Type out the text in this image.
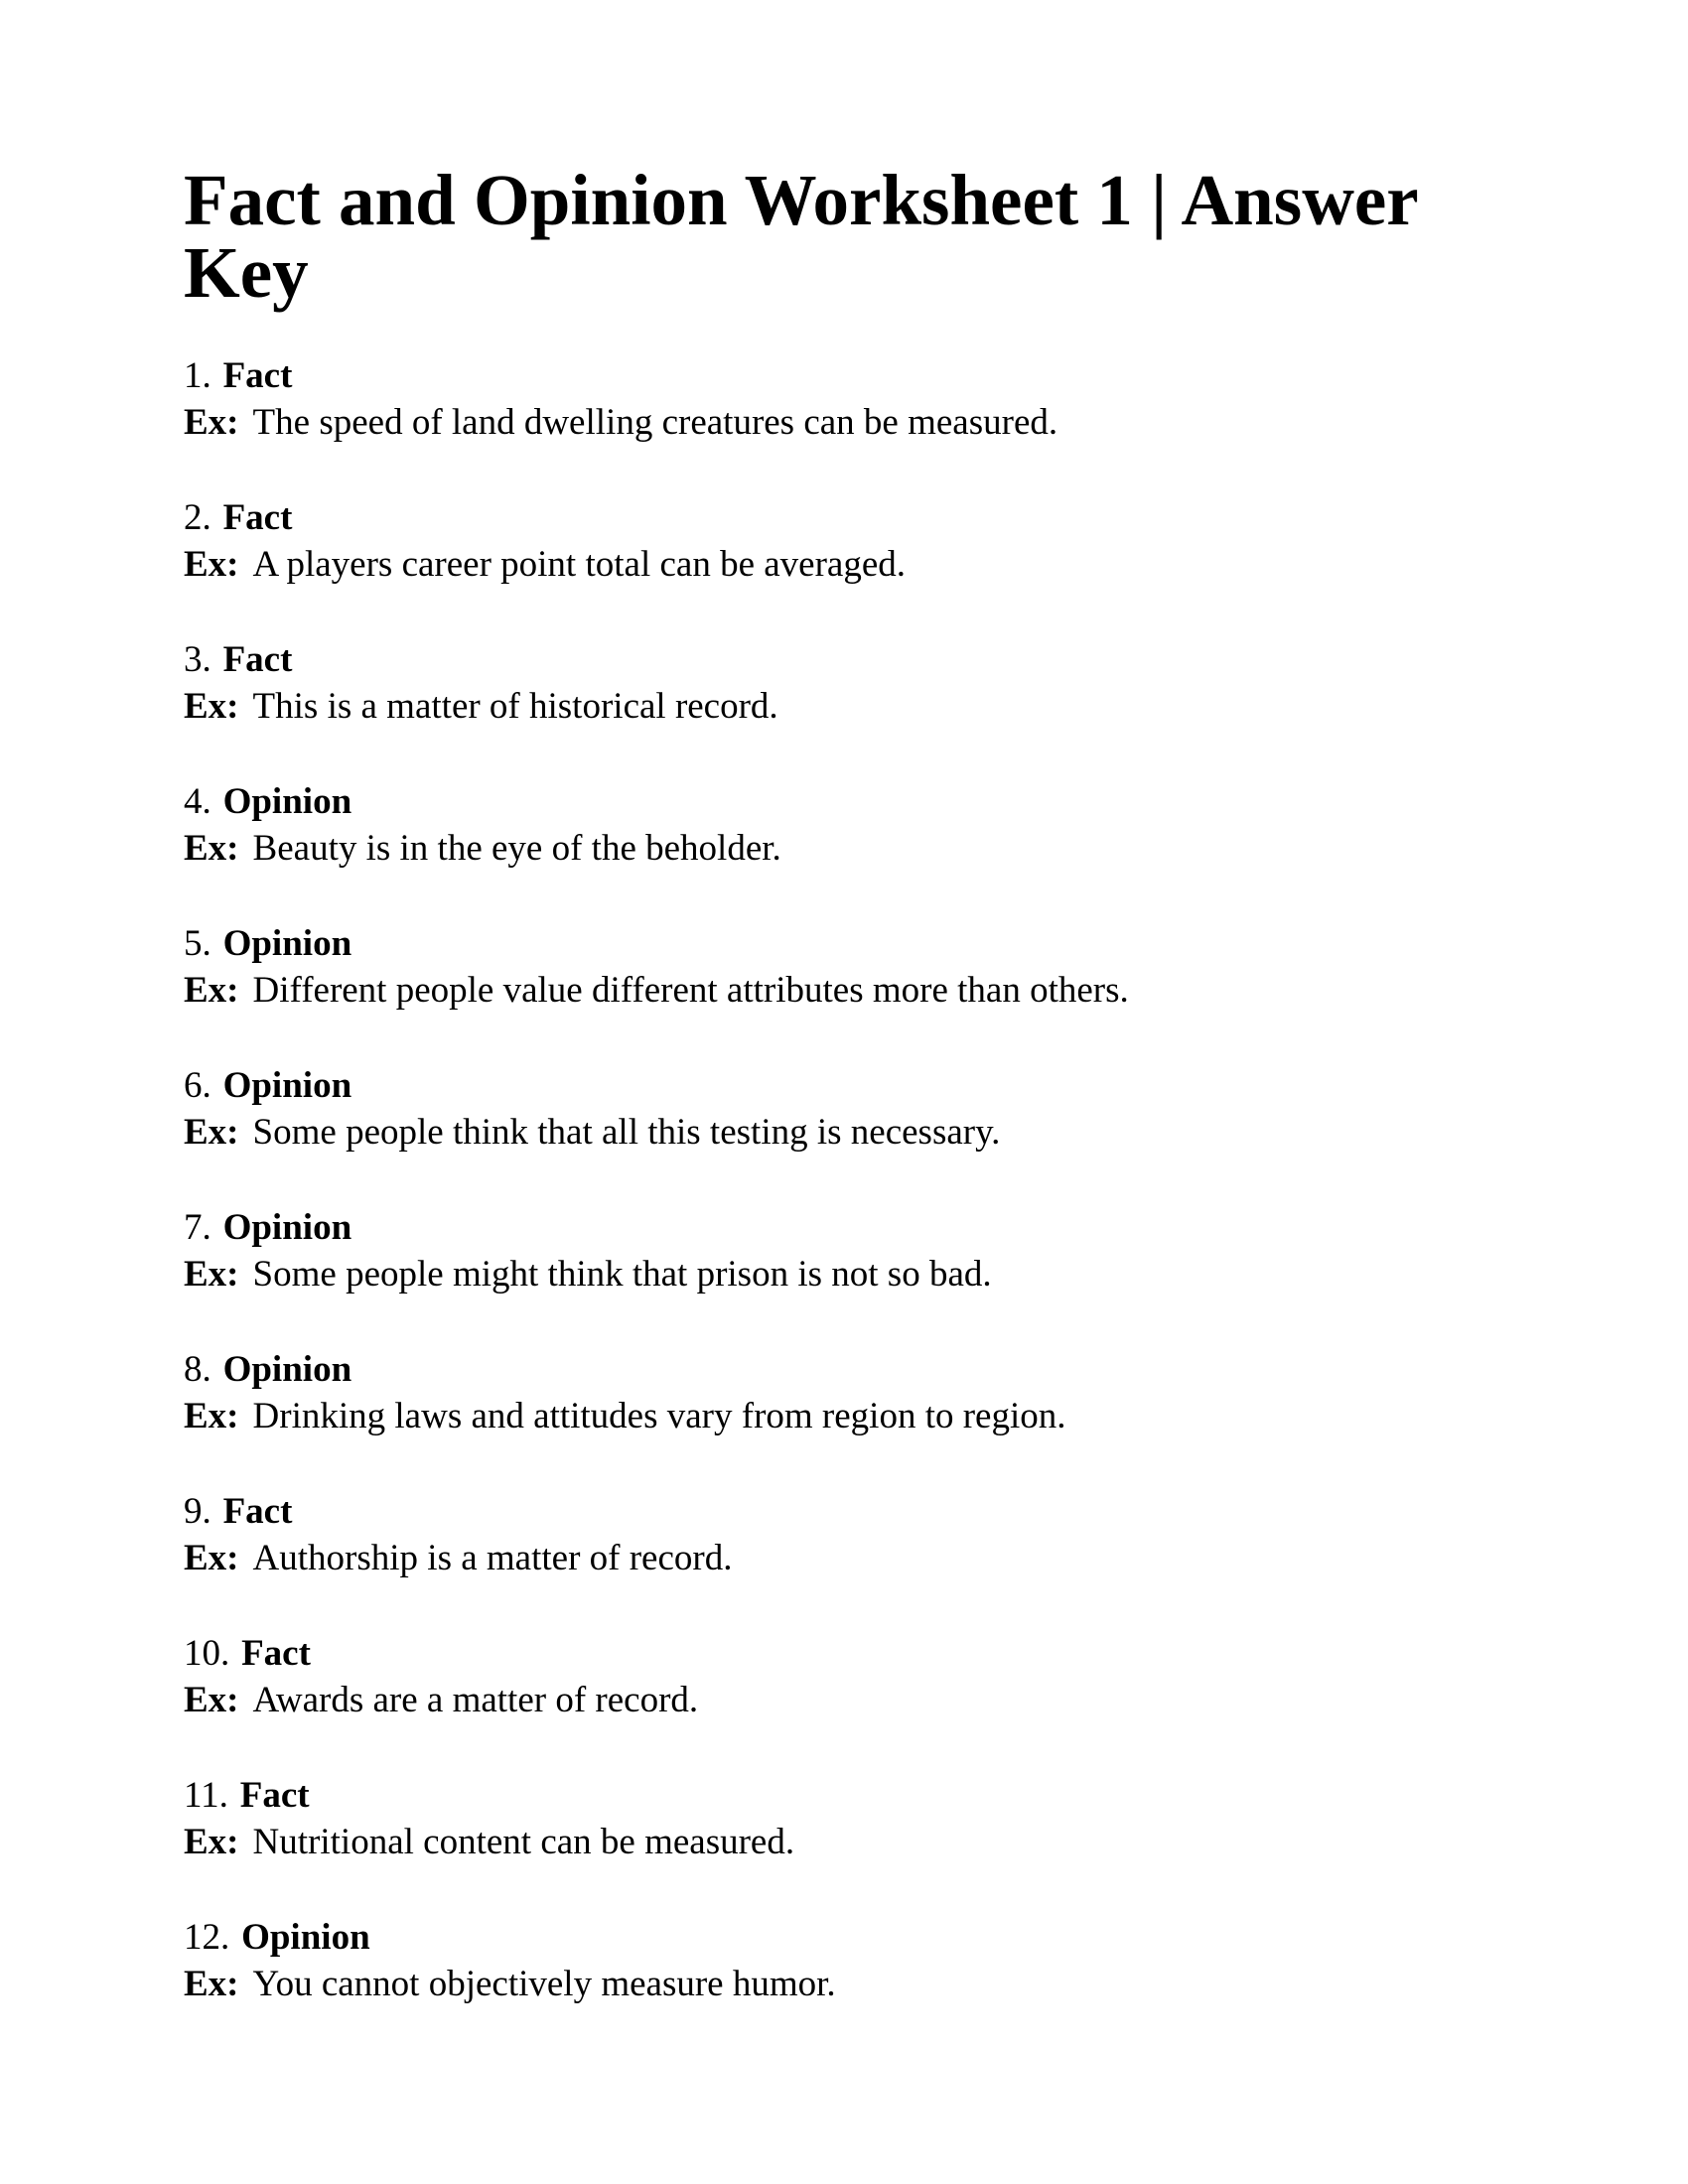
Fact and Opinion Worksheet 1 | Answer Key
1. Fact
Ex: The speed of land dwelling creatures can be measured.
2. Fact
Ex: A players career point total can be averaged.
3. Fact
Ex: This is a matter of historical record.
4. Opinion
Ex: Beauty is in the eye of the beholder.
5. Opinion
Ex: Different people value different attributes more than others.
6. Opinion
Ex: Some people think that all this testing is necessary.
7. Opinion
Ex: Some people might think that prison is not so bad.
8. Opinion
Ex: Drinking laws and attitudes vary from region to region.
9. Fact
Ex: Authorship is a matter of record.
10. Fact
Ex: Awards are a matter of record.
11. Fact
Ex: Nutritional content can be measured.
12. Opinion
Ex: You cannot objectively measure humor.
